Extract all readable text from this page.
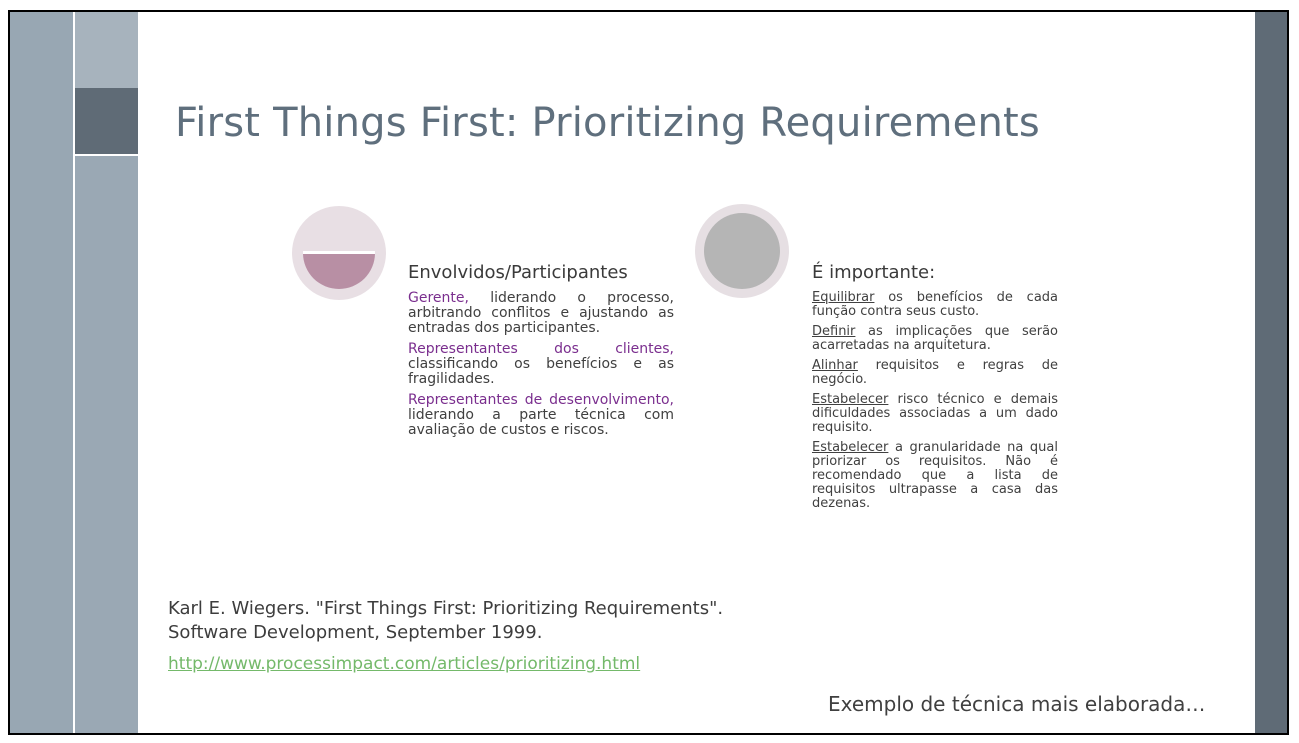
First Things First: Prioritizing Requirements
Envolvidos/Participantes

Gerente, liderando o processo, arbitrando conflitos e ajustando as entradas dos participantes.

Representantes dos clientes, classificando os benefícios e as fragilidades.

Representantes de desenvolvimento, liderando a parte técnica com avaliação de custos e riscos.

É importante:

Equilibrar os benefícios de cada função contra seus custo.

Definir as implicações que serão acarretadas na arquitetura.

Alinhar requisitos e regras de negócio.

Estabelecer risco técnico e demais dificuldades associadas a um dado requisito.

Estabelecer a granularidade na qual priorizar os requisitos. Não é recomendado que a lista de requisitos ultrapasse a casa das dezenas.

Karl E. Wiegers. "First Things First: Prioritizing Requirements".
Software Development, September 1999.
http://www.processimpact.com/articles/prioritizing.html
Exemplo de técnica mais elaborada…
